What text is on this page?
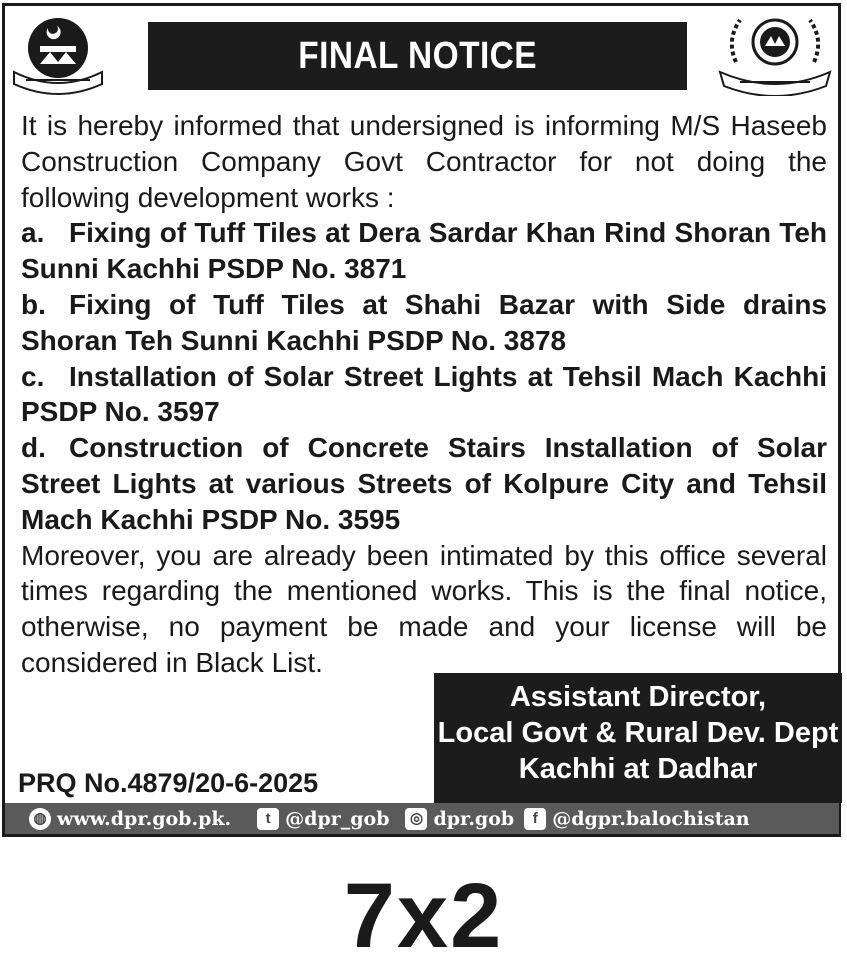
FINAL NOTICE

It is hereby informed that undersigned is informing M/S Haseeb Construction Company Govt Contractor for not doing the following development works :

a. Fixing of Tuff Tiles at Dera Sardar Khan Rind Shoran Teh Sunni Kachhi PSDP No. 3871

b. Fixing of Tuff Tiles at Shahi Bazar with Side drains Shoran Teh Sunni Kachhi PSDP No. 3878

c. Installation of Solar Street Lights at Tehsil Mach Kachhi PSDP No. 3597

d. Construction of Concrete Stairs Installation of Solar Street Lights at various Streets of Kolpure City and Tehsil Mach Kachhi PSDP No. 3595

Moreover, you are already been intimated by this office several times regarding the mentioned works. This is the final notice, otherwise, no payment be made and your license will be considered in Black List.

Assistant Director,
Local Govt & Rural Dev. Dept
Kachhi at Dadhar
PRQ No.4879/20-6-2025
◍ www.dpr.gob.pk.	t @dpr_gob ◎ dpr.gob	f @dgpr.balochistan
7x2
